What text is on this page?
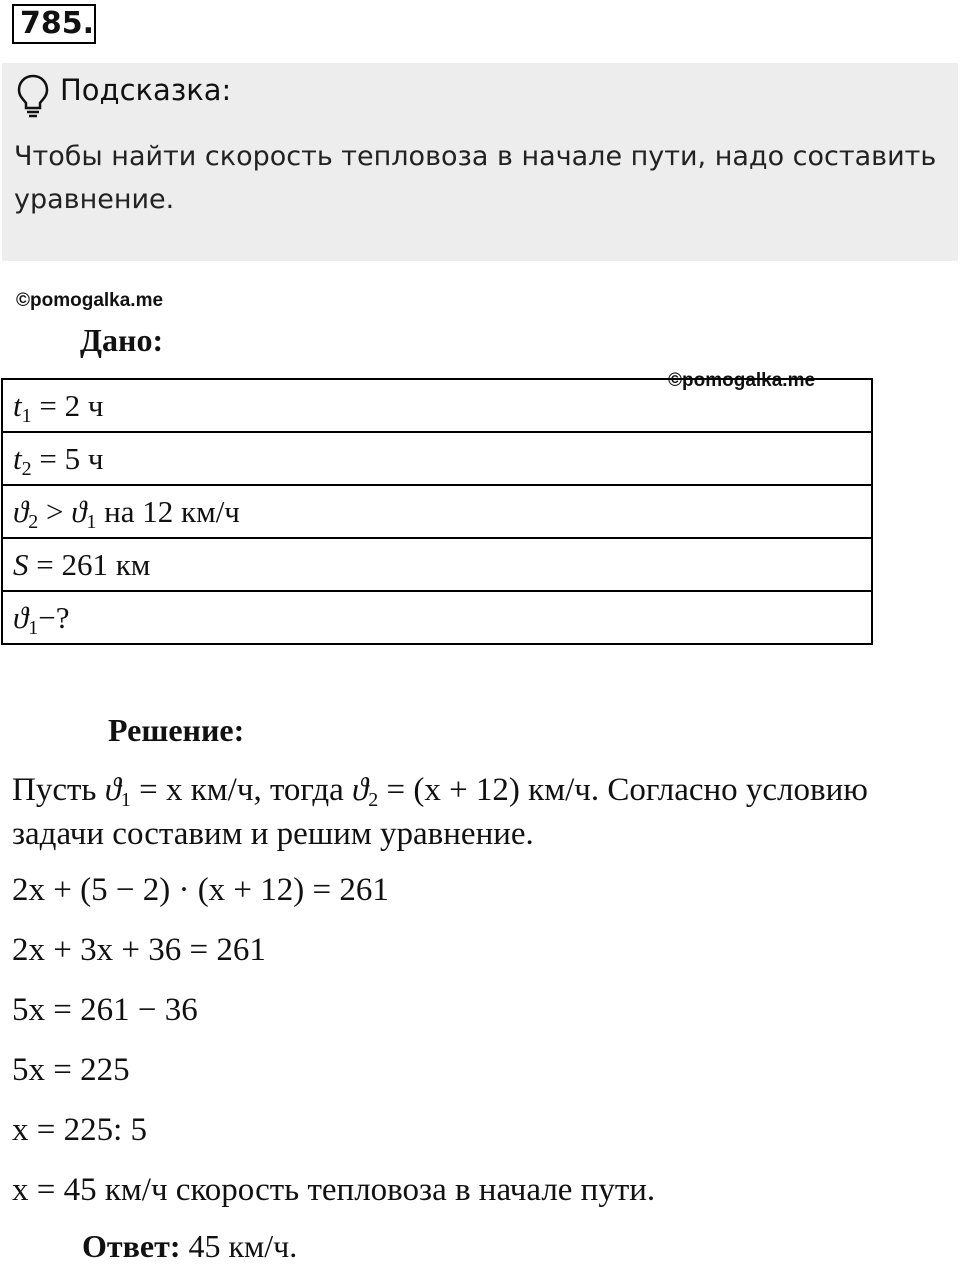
785.
Подсказка:
Чтобы найти скорость тепловоза в начале пути, надо составить уравнение.
©pomogalka.me
©pomogalka.me
Дано:
$t_1 = 2$ ч
$t_2 = 5$ ч
$ϑ_2 > ϑ_1$ на 12 км/ч
S = 261 км
$ϑ_1-$?
Решение:
Пусть $ϑ_1 = x$ км/ч, тогда $ϑ_2 = (x + 12)$ км/ч. Согласно условию задачи составим и решим уравнение.
2x + (5 − 2) · (x + 12) = 261
2x + 3x + 36 = 261
5x = 261 − 36
5x = 225
x = 225: 5
x = 45 км/ч скорость тепловоза в начале пути.
Ответ: 45 км/ч.
